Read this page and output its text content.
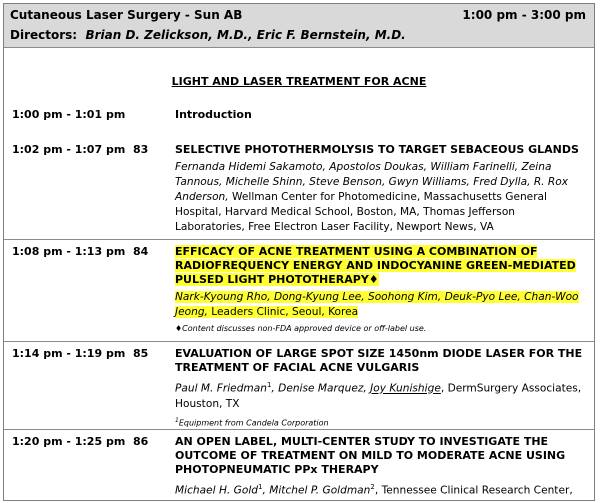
Cutaneous Laser Surgery - Sun AB	1:00 pm - 3:00 pm
Directors: Brian D. Zelickson, M.D., Eric F. Bernstein, M.D.
LIGHT AND LASER TREATMENT FOR ACNE
1:00 pm - 1:01 pm	Introduction
1:02 pm - 1:07 pm 83 SELECTIVE PHOTOTHERMOLYSIS TO TARGET SEBACEOUS GLANDS
Fernanda Hidemi Sakamoto, Apostolos Doukas, William Farinelli, Zeina Tannous, Michelle Shinn, Steve Benson, Gwyn Williams, Fred Dylla, R. Rox Anderson, Wellman Center for Photomedicine, Massachusetts General Hospital, Harvard Medical School, Boston, MA, Thomas Jefferson Laboratories, Free Electron Laser Facility, Newport News, VA
1:08 pm - 1:13 pm 84 EFFICACY OF ACNE TREATMENT USING A COMBINATION OF RADIOFREQUENCY ENERGY AND INDOCYANINE GREEN-MEDIATED PULSED LIGHT PHOTOTHERAPY♦
Nark-Kyoung Rho, Dong-Kyung Lee, Soohong Kim, Deuk-Pyo Lee, Chan-Woo Jeong, Leaders Clinic, Seoul, Korea
♦Content discusses non-FDA approved device or off-label use.
1:14 pm - 1:19 pm 85 EVALUATION OF LARGE SPOT SIZE 1450nm DIODE LASER FOR THE TREATMENT OF FACIAL ACNE VULGARIS
Paul M. Friedman$^1$, Denise Marquez, Joy Kunishige, DermSurgery Associates, Houston, TX
$^1$Equipment from Candela Corporation
1:20 pm - 1:25 pm 86 AN OPEN LABEL, MULTI-CENTER STUDY TO INVESTIGATE THE OUTCOME OF TREATMENT ON MILD TO MODERATE ACNE USING PHOTOPNEUMATIC PPx THERAPY
Michael H. Gold$^1$, Mitchel P. Goldman$^2$, Tennessee Clinical Research Center,
